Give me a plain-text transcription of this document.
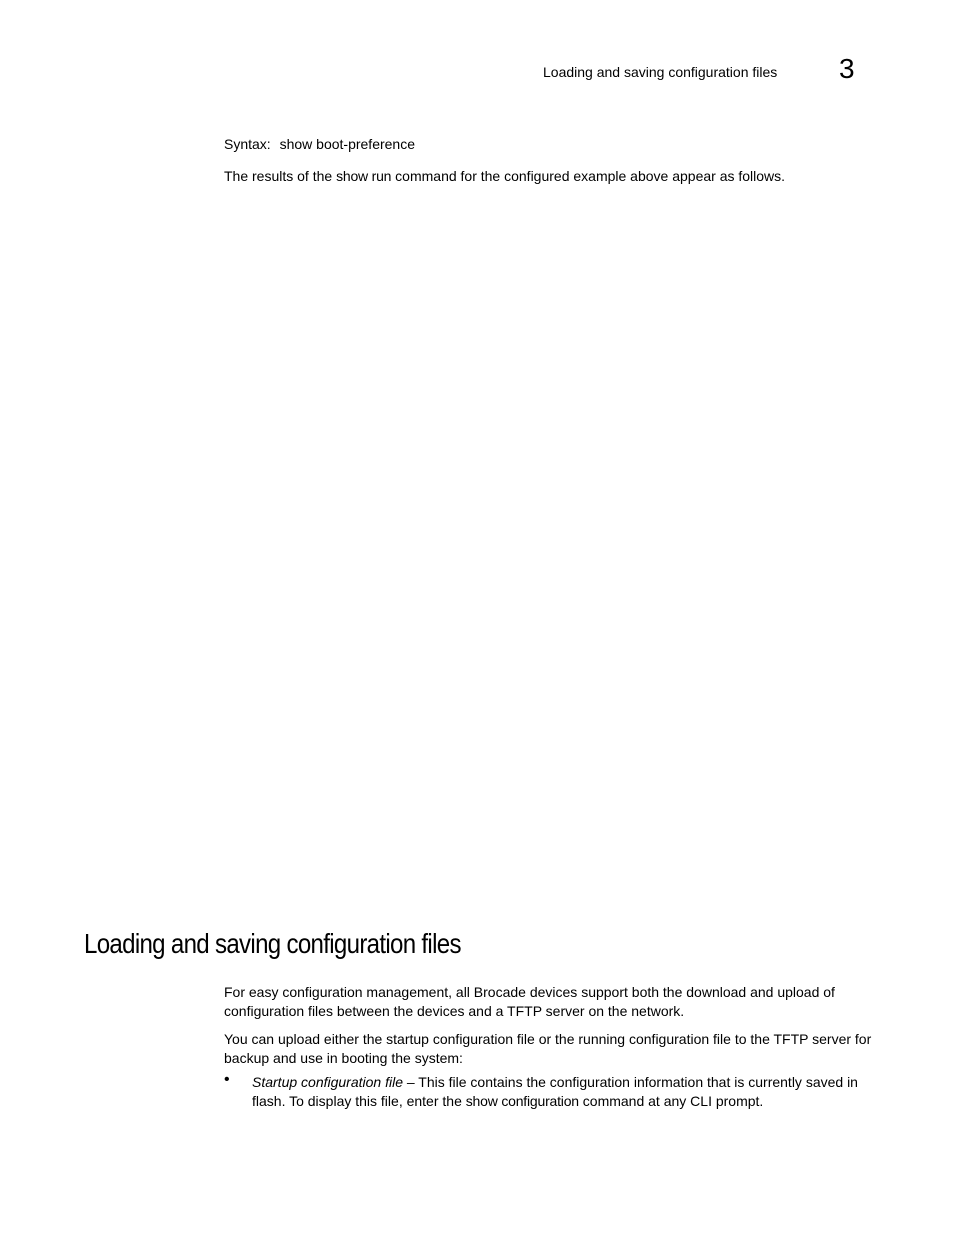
Loading and saving configuration files 3
Syntax: show boot-preference

The results of the show run command for the configured example above appear as follows.

Loading and saving configuration files

For easy configuration management, all Brocade devices support both the download and upload of configuration files between the devices and a TFTP server on the network.

You can upload either the startup configuration file or the running configuration file to the TFTP server for backup and use in booting the system:

• Startup configuration file – This file contains the configuration information that is currently saved in flash. To display this file, enter the show configuration command at any CLI prompt.
